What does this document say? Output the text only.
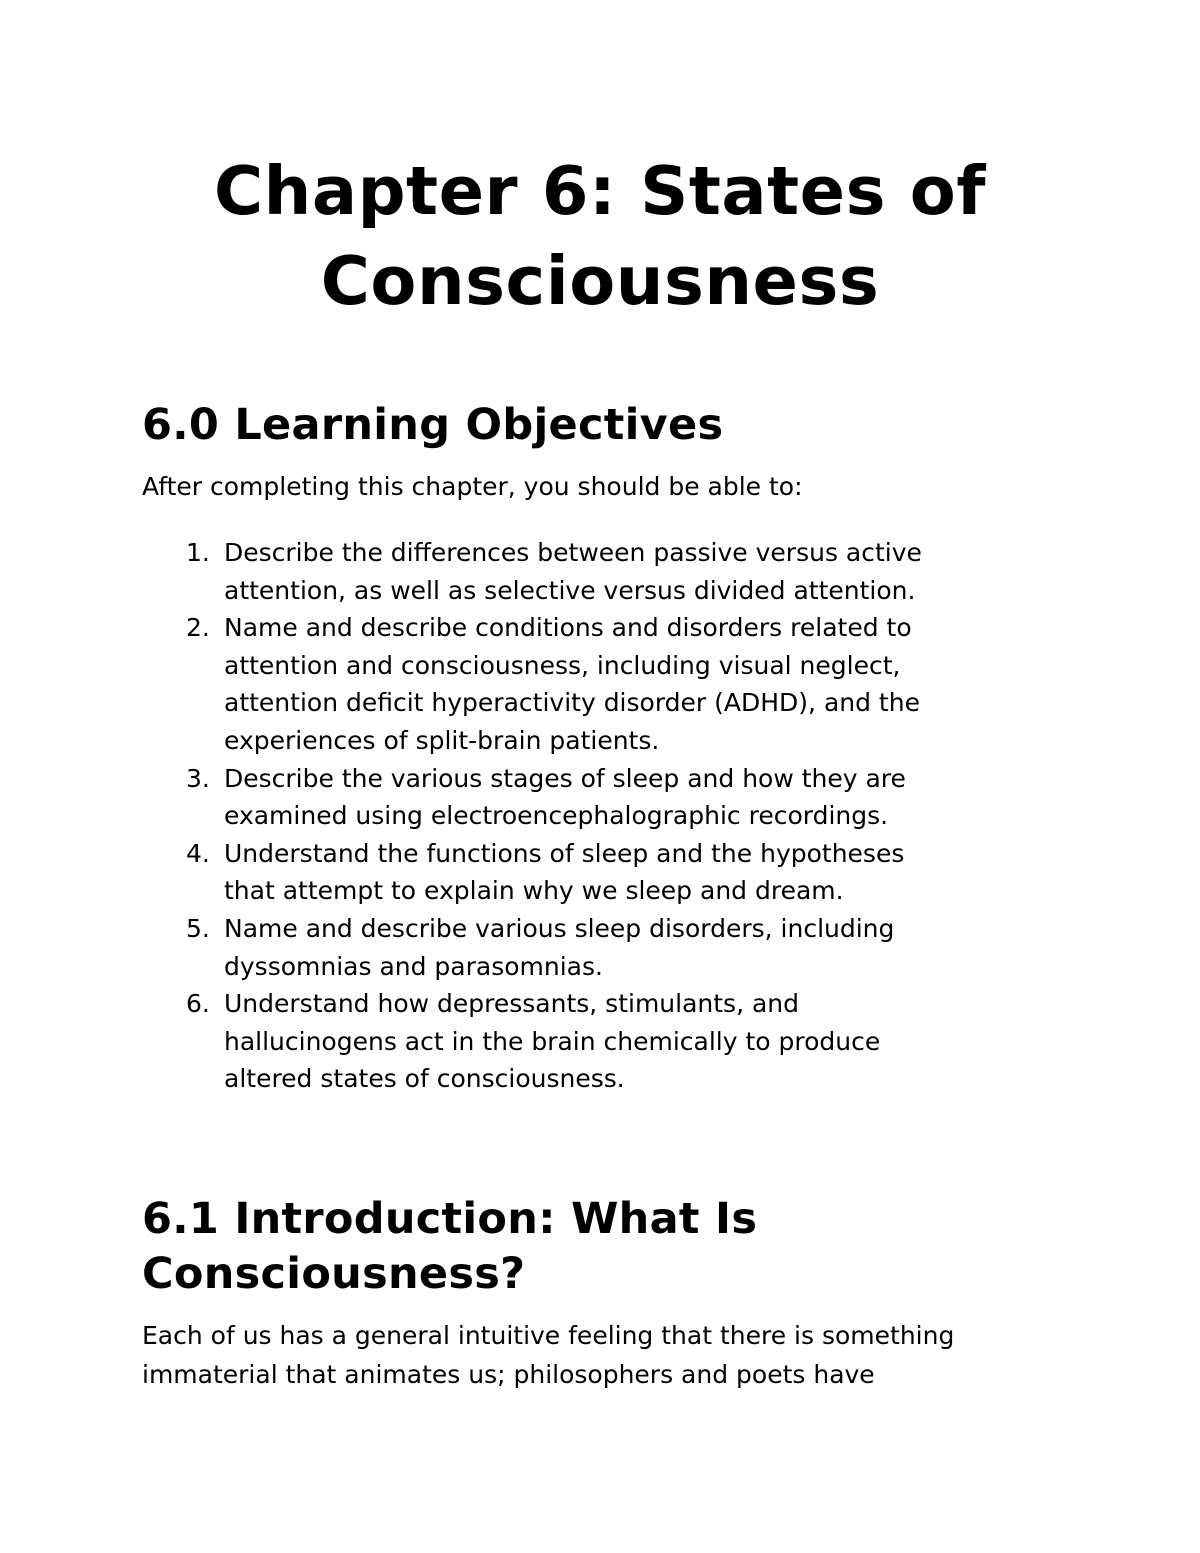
Chapter 6: States of
Consciousness
6.0 Learning Objectives

After completing this chapter, you should be able to:

1. Describe the differences between passive versus active
attention, as well as selective versus divided attention.
2. Name and describe conditions and disorders related to
attention and consciousness, including visual neglect,
attention deficit hyperactivity disorder (ADHD), and the
experiences of split-brain patients.
3. Describe the various stages of sleep and how they are
examined using electroencephalographic recordings.
4. Understand the functions of sleep and the hypotheses
that attempt to explain why we sleep and dream.
5. Name and describe various sleep disorders, including
dyssomnias and parasomnias.
6. Understand how depressants, stimulants, and
hallucinogens act in the brain chemically to produce
altered states of consciousness.
6.1 Introduction: What Is
Consciousness?

Each of us has a general intuitive feeling that there is something
immaterial that animates us; philosophers and poets have
